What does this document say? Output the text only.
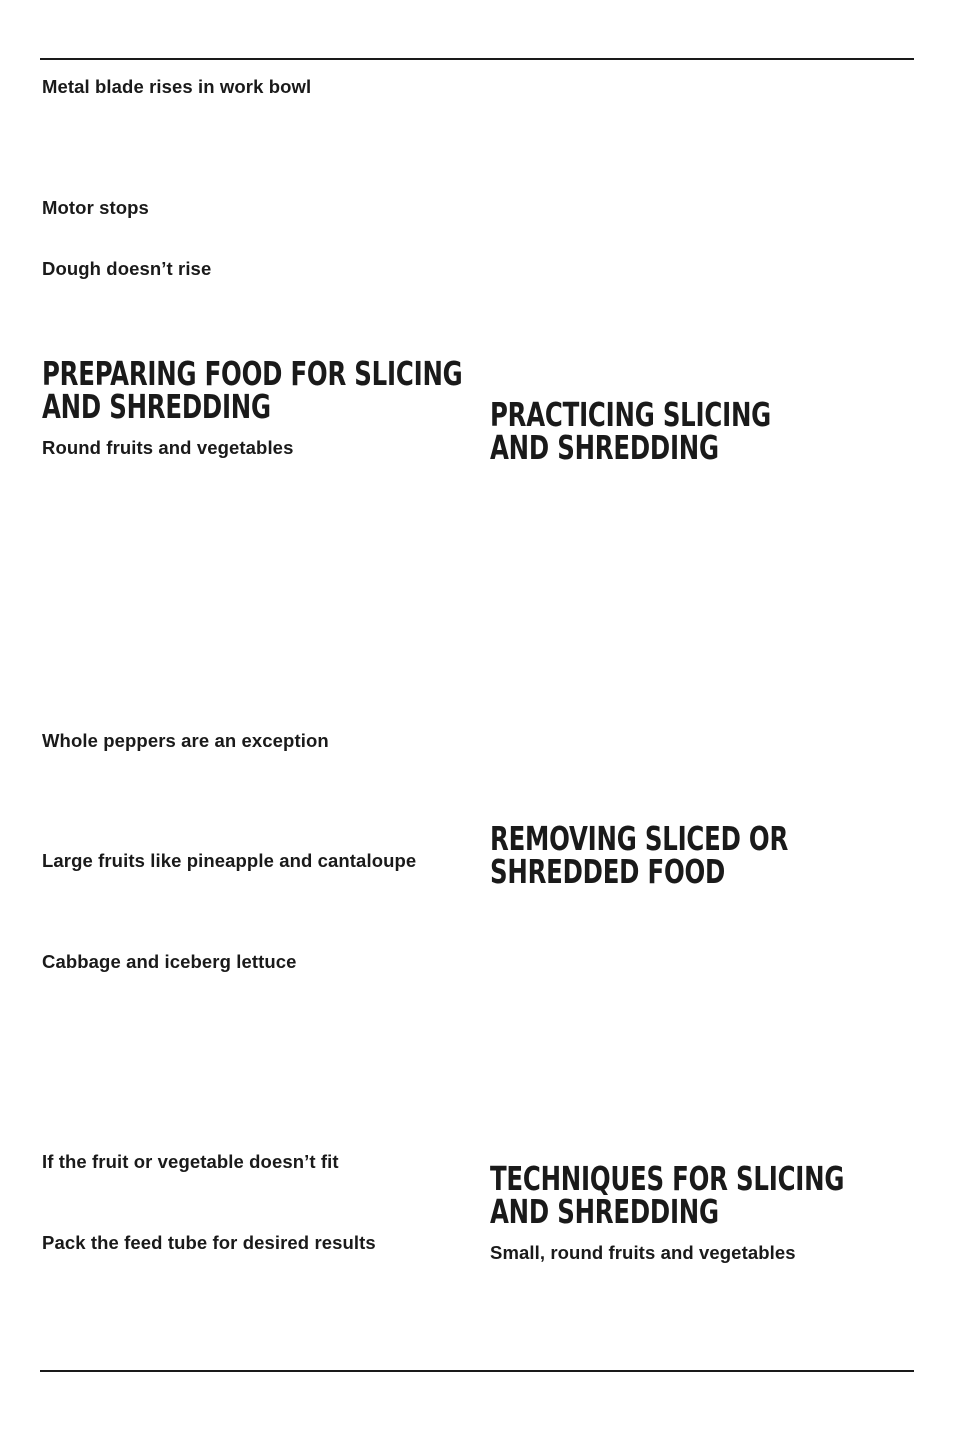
Metal blade rises in work bowl

Motor stops

Dough doesn’t rise

PREPARING FOOD FOR SLICING
AND SHREDDING

Round fruits and vegetables

Whole peppers are an exception

Large fruits like pineapple and cantaloupe

Cabbage and iceberg lettuce

If the fruit or vegetable doesn’t fit

Pack the feed tube for desired results

PRACTICING SLICING
AND SHREDDING
REMOVING SLICED OR
SHREDDED FOOD
TECHNIQUES FOR SLICING
AND SHREDDING

Small, round fruits and vegetables
